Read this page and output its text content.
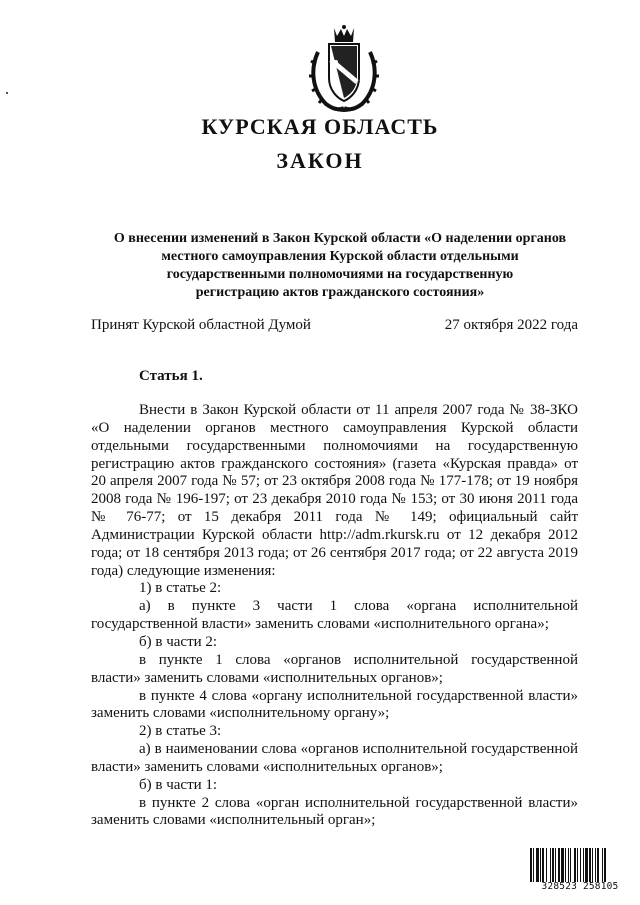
КУРСКАЯ ОБЛАСТЬ
ЗАКОН
О внесении изменений в Закон Курской области «О наделении органов
местного самоуправления Курской области отдельными
государственными полномочиями на государственную
регистрацию актов гражданского состояния»
Принят Курской областной Думой	27 октября 2022 года
Статья 1.

Внести в Закон Курской области от 11 апреля 2007 года № 38-ЗКО «О наделении органов местного самоуправления Курской области отдельными государственными полномочиями на государственную регистрацию актов гражданского состояния» (газета «Курская правда» от 20 апреля 2007 года № 57; от 23 октября 2008 года № 177-178; от 19 ноября 2008 года № 196-197; от 23 декабря 2010 года № 153; от 30 июня 2011 года № 76-77; от 15 декабря 2011 года № 149; официальный сайт Администрации Курской области http://adm.rkursk.ru от 12 декабря 2012 года; от 18 сентября 2013 года; от 26 сентября 2017 года; от 22 августа 2019 года) следующие изменения:

1) в статье 2:

а) в пункте 3 части 1 слова «органа исполнительной государственной власти» заменить словами «исполнительного органа»;

б) в части 2:

в пункте 1 слова «органов исполнительной государственной власти» заменить словами «исполнительных органов»;

в пункте 4 слова «органу исполнительной государственной власти» заменить словами «исполнительному органу»;

2) в статье 3:

а) в наименовании слова «органов исполнительной государственной власти» заменить словами «исполнительных органов»;

б) в части 1:

в пункте 2 слова «орган исполнительной государственной власти» заменить словами «исполнительный орган»;

328523 258105
